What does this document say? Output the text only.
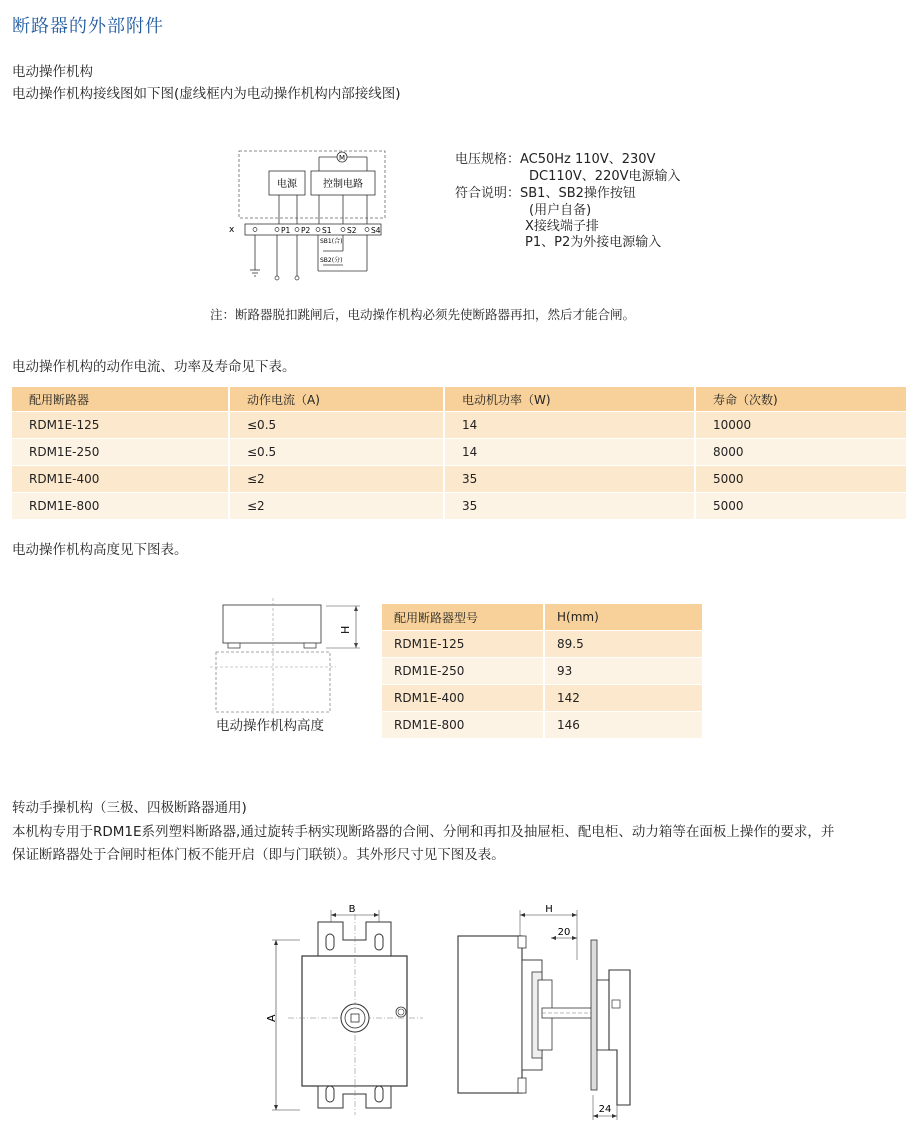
断路器的外部附件
电动操作机构
电动操作机构接线图如下图(虚线框内为电动操作机构内部接线图)
M
电源	控制电路
x	P1 P2 S1 S2 S4
SB1(合)
SB2(分)
电压规格：AC50Hz 110V、230V
DC110V、220V电源输入
符合说明：SB1、SB2操作按钮
(用户自备)
X接线端子排
P1、P2为外接电源输入
注：断路器脱扣跳闸后，电动操作机构必须先使断路器再扣，然后才能合闸。
电动操作机构的动作电流、功率及寿命见下表。
配用断路器	动作电流（A)	电动机功率（W)	寿命（次数)
RDM1E-125	≤0.5	14	10000
RDM1E-250	≤0.5	14	8000
RDM1E-400	≤2	35	5000
RDM1E-800	≤2	35	5000
电动操作机构高度见下图表。
H
电动操作机构高度
配用断路器型号	H(mm)
RDM1E-125	89.5
RDM1E-250	93
RDM1E-400	142
RDM1E-800	146
转动手操机构（三极、四极断路器通用)
本机构专用于RDM1E系列塑料断路器,通过旋转手柄实现断路器的合闸、分闸和再扣及抽屉柜、配电柜、动力箱等在面板上操作的要求，并
保证断路器处于合闸时柜体门板不能开启（即与门联锁）。其外形尺寸见下图及表。
B
A
H
20
24
